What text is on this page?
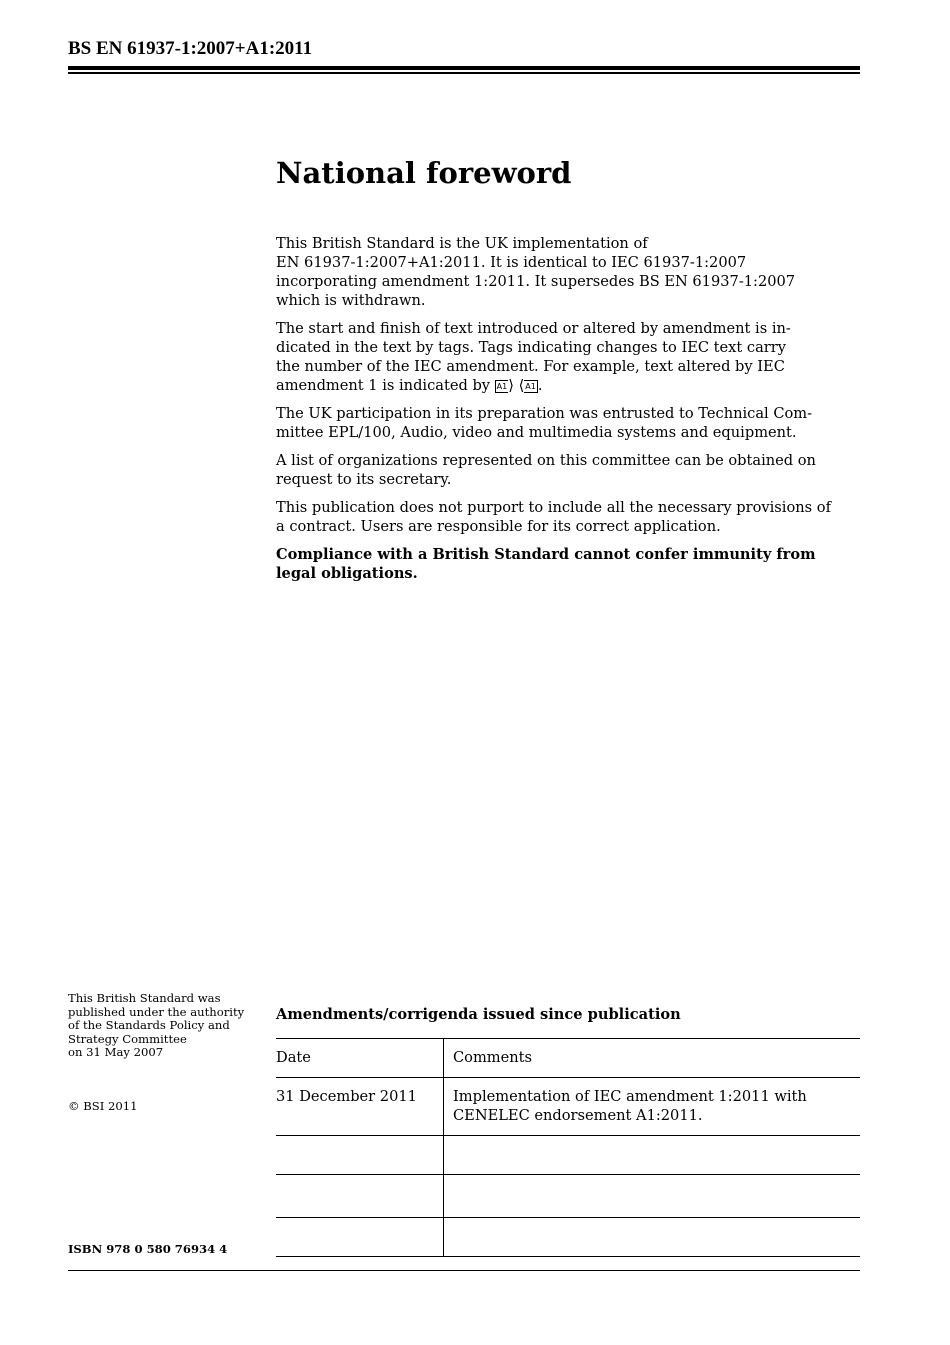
BS EN 61937-1:2007+A1:2011
National foreword

This British Standard is the UK implementation of
EN 61937-1:2007+A1:2011. It is identical to IEC 61937-1:2007
incorporating amendment 1:2011. It supersedes BS EN 61937-1:2007
which is withdrawn.

The start and finish of text introduced or altered by amendment is in-
dicated in the text by tags. Tags indicating changes to IEC text carry
the number of the IEC amendment. For example, text altered by IEC
amendment 1 is indicated by A1⟩ ⟨A1 .

The UK participation in its preparation was entrusted to Technical Com-
mittee EPL/100, Audio, video and multimedia systems and equipment.

A list of organizations represented on this committee can be obtained on
request to its secretary.

This publication does not purport to include all the necessary provisions of
a contract. Users are responsible for its correct application.

Compliance with a British Standard cannot confer immunity from
legal obligations.

This British Standard was
published under the authority
of the Standards Policy and
Strategy Committee
on 31 May 2007
© BSI 2011
ISBN 978 0 580 76934 4
Amendments/corrigenda issued since publication
Date	Comments
31 December 2011	Implementation of IEC amendment 1:2011 with
CENELEC endorsement A1:2011.
